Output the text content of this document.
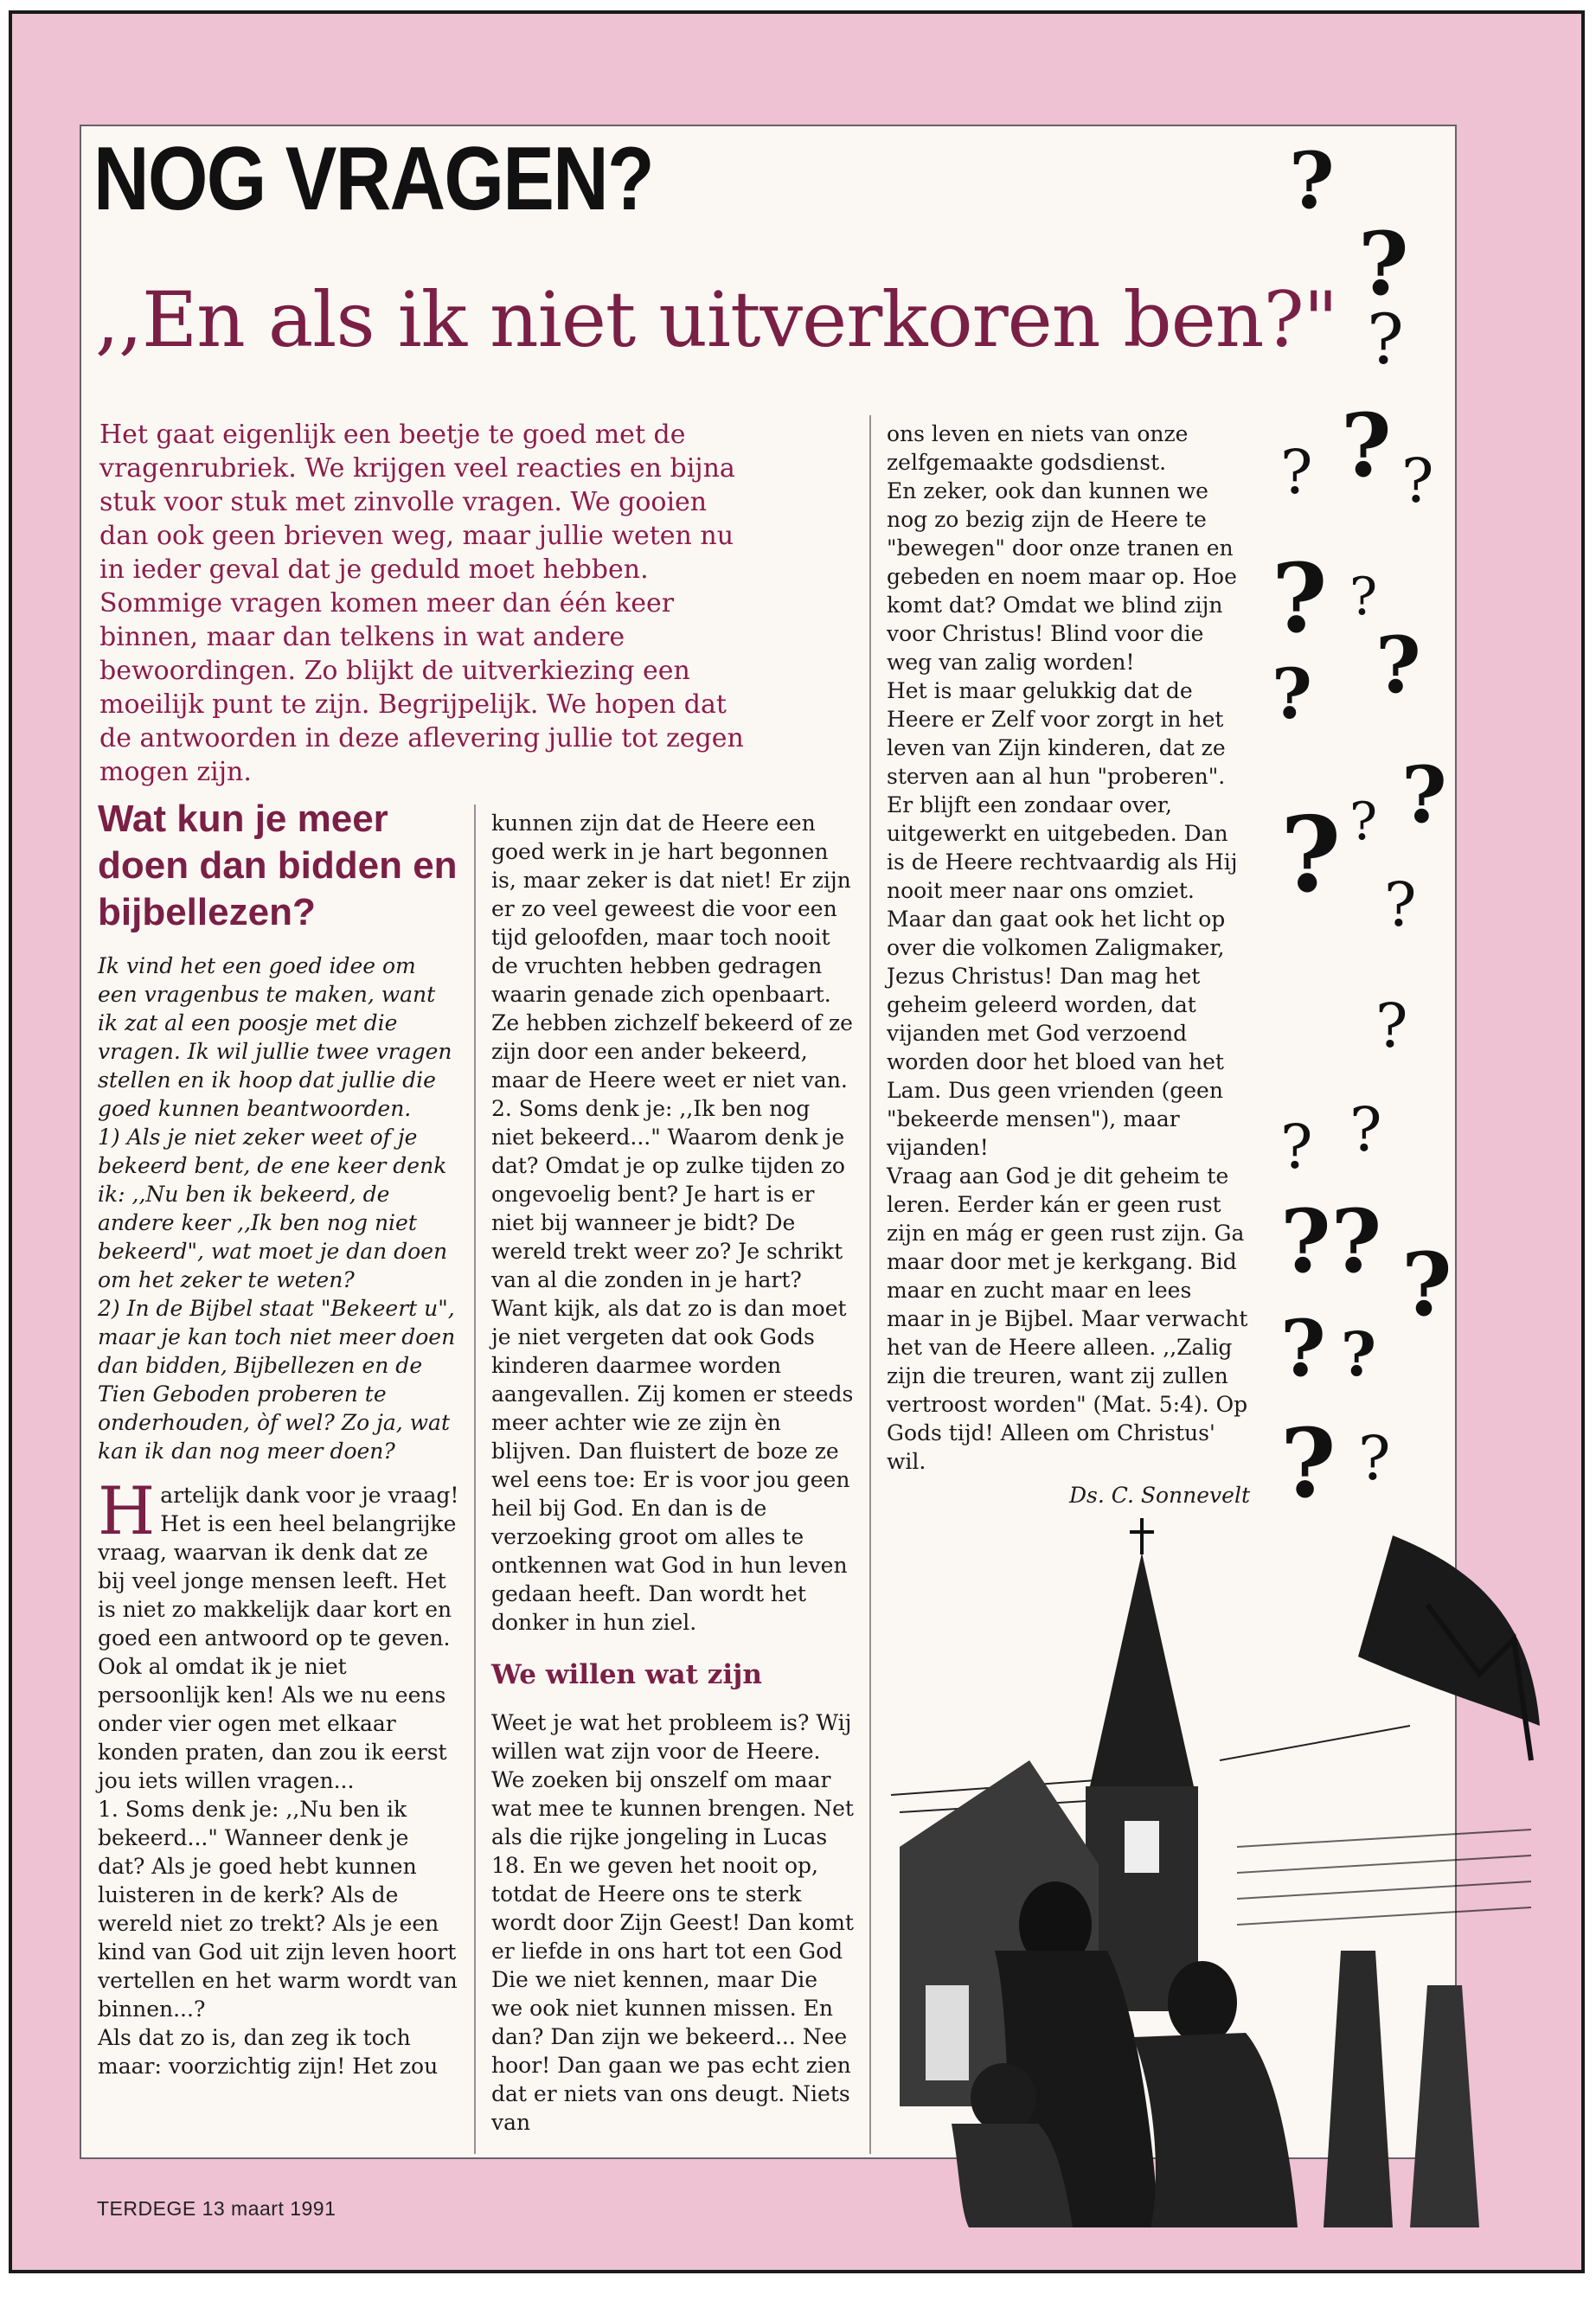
?
?
?
?
? ?
? ?
?
?
?
?
? ?
?
? ?
?? ?
? ?
? ?
NOG VRAGEN?
,,En als ik niet uitverkoren ben?"

Het gaat eigenlijk een beetje te goed met de vragenrubriek. We krijgen veel reacties en bijna stuk voor stuk met zinvolle vragen. We gooien dan ook geen brieven weg, maar jullie weten nu in ieder geval dat je geduld moet hebben. Sommige vragen komen meer dan één keer binnen, maar dan telkens in wat andere bewoordingen. Zo blijkt de uitverkiezing een moeilijk punt te zijn. Begrijpelijk. We hopen dat de antwoorden in deze aflevering jullie tot zegen mogen zijn.

Wat kun je meer doen dan bidden en bijbellezen?

Ik vind het een goed idee om een vragenbus te maken, want ik zat al een poosje met die vragen. Ik wil jullie twee vragen stellen en ik hoop dat jullie die goed kunnen beantwoorden.
1) Als je niet zeker weet of je bekeerd bent, de ene keer denk ik: ,,Nu ben ik bekeerd, de andere keer ,,Ik ben nog niet bekeerd", wat moet je dan doen om het zeker te weten?
2) In de Bijbel staat "Bekeert u", maar je kan toch niet meer doen dan bidden, Bijbellezen en de Tien Geboden proberen te onderhouden, òf wel? Zo ja, wat kan ik dan nog meer doen?

Hartelijk dank voor je vraag! Het is een heel belangrijke vraag, waarvan ik denk dat ze bij veel jonge mensen leeft. Het is niet zo makkelijk daar kort en goed een antwoord op te geven. Ook al omdat ik je niet persoonlijk ken! Als we nu eens onder vier ogen met elkaar konden praten, dan zou ik eerst jou iets willen vragen...
1. Soms denk je: ,,Nu ben ik bekeerd..." Wanneer denk je dat? Als je goed hebt kunnen luisteren in de kerk? Als de wereld niet zo trekt? Als je een kind van God uit zijn leven hoort vertellen en het warm wordt van binnen...?
Als dat zo is, dan zeg ik toch maar: voorzichtig zijn! Het zou

kunnen zijn dat de Heere een goed werk in je hart begonnen is, maar zeker is dat niet! Er zijn er zo veel geweest die voor een tijd geloofden, maar toch nooit de vruchten hebben gedragen waarin genade zich openbaart. Ze hebben zichzelf bekeerd of ze zijn door een ander bekeerd, maar de Heere weet er niet van.
2. Soms denk je: ,,Ik ben nog niet bekeerd..." Waarom denk je dat? Omdat je op zulke tijden zo ongevoelig bent? Je hart is er niet bij wanneer je bidt? De wereld trekt weer zo? Je schrikt van al die zonden in je hart?
Want kijk, als dat zo is dan moet je niet vergeten dat ook Gods kinderen daarmee worden aangevallen. Zij komen er steeds meer achter wie ze zijn èn blijven. Dan fluistert de boze ze wel eens toe: Er is voor jou geen heil bij God. En dan is de verzoeking groot om alles te ontkennen wat God in hun leven gedaan heeft. Dan wordt het donker in hun ziel.

We willen wat zijn

Weet je wat het probleem is? Wij willen wat zijn voor de Heere. We zoeken bij onszelf om maar wat mee te kunnen brengen. Net als die rijke jongeling in Lucas 18. En we geven het nooit op, totdat de Heere ons te sterk wordt door Zijn Geest! Dan komt er liefde in ons hart tot een God Die we niet kennen, maar Die we ook niet kunnen missen. En dan? Dan zijn we bekeerd... Nee hoor! Dan gaan we pas echt zien dat er niets van ons deugt. Niets van

ons leven en niets van onze zelfgemaakte godsdienst.
En zeker, ook dan kunnen we nog zo bezig zijn de Heere te "bewegen" door onze tranen en gebeden en noem maar op. Hoe komt dat? Omdat we blind zijn voor Christus! Blind voor die weg van zalig worden!
Het is maar gelukkig dat de Heere er Zelf voor zorgt in het leven van Zijn kinderen, dat ze sterven aan al hun "proberen". Er blijft een zondaar over, uitgewerkt en uitgebeden. Dan is de Heere rechtvaardig als Hij nooit meer naar ons omziet. Maar dan gaat ook het licht op over die volkomen Zaligmaker, Jezus Christus! Dan mag het geheim geleerd worden, dat vijanden met God verzoend worden door het bloed van het Lam. Dus geen vrienden (geen "bekeerde mensen"), maar vijanden!
Vraag aan God je dit geheim te leren. Eerder kán er geen rust zijn en mág er geen rust zijn. Ga maar door met je kerkgang. Bid maar en zucht maar en lees maar in je Bijbel. Maar verwacht het van de Heere alleen. ,,Zalig zijn die treuren, want zij zullen vertroost worden" (Mat. 5:4). Op Gods tijd! Alleen om Christus' wil.

Ds. C. Sonnevelt

TERDEGE 13 maart 1991
